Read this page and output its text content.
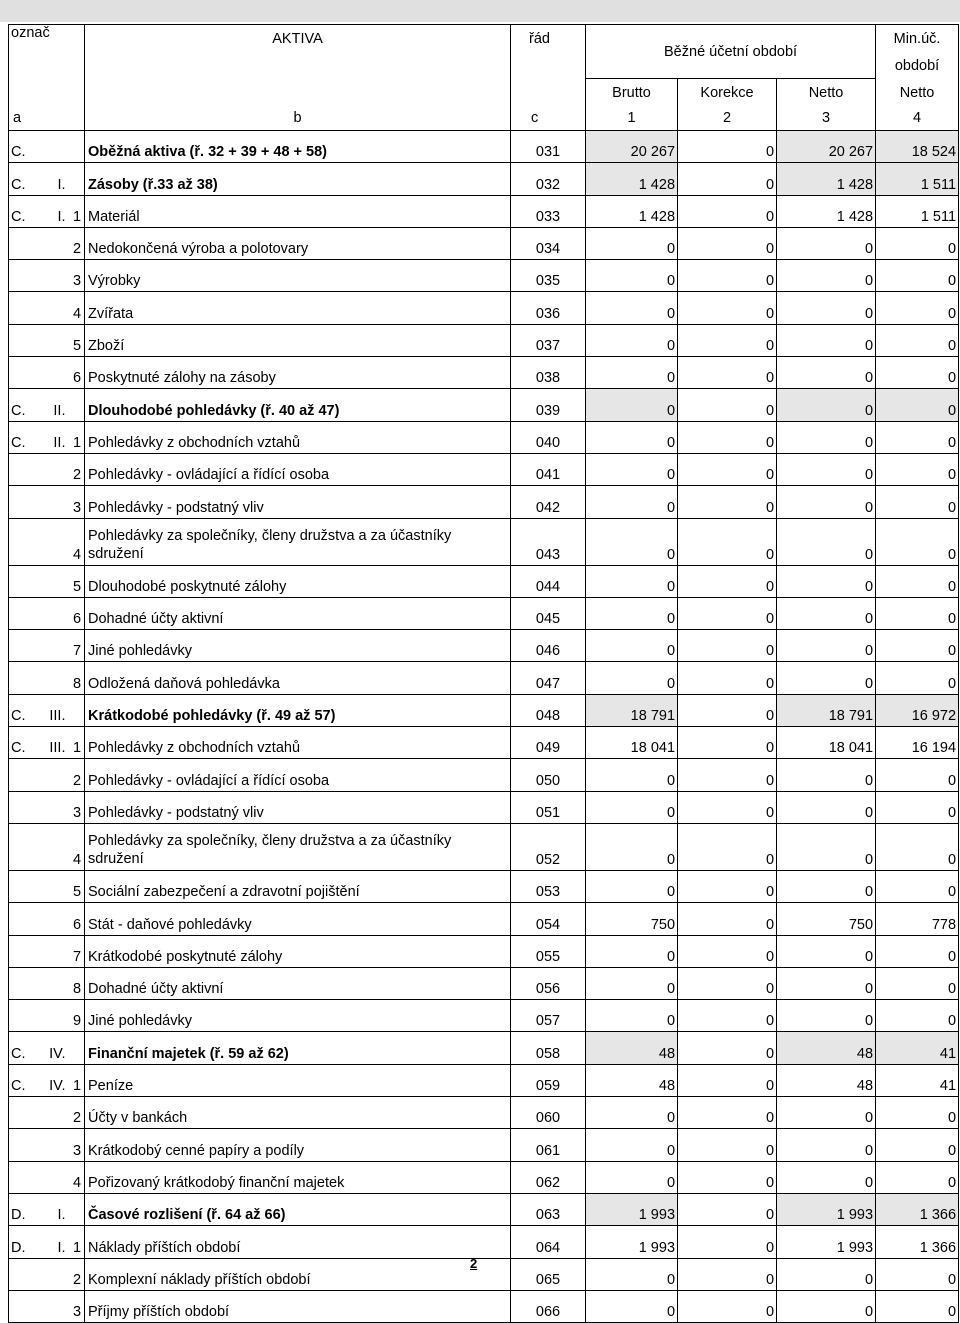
označ			AKTIVA	řád	Běžné účetní období			Min.úč.
								období
					Brutto	Korekce	Netto	Netto
a			b	c	1	2	3	4
C.			Oběžná aktiva (ř. 32 + 39 + 48 + 58)	031	20 267	0	20 267	18 524
C.	I.		Zásoby (ř.33 až 38)	032	1 428	0	1 428	1 511
C.	I.	1	Materiál	033	1 428	0	1 428	1 511
		2	Nedokončená výroba a polotovary	034	0	0	0	0
		3	Výrobky	035	0	0	0	0
		4	Zvířata	036	0	0	0	0
		5	Zboží	037	0	0	0	0
		6	Poskytnuté zálohy na zásoby	038	0	0	0	0
C.	II.		Dlouhodobé pohledávky (ř. 40 až 47)	039	0	0	0	0
C.	II.	1	Pohledávky z obchodních vztahů	040	0	0	0	0
		2	Pohledávky - ovládající a řídící osoba	041	0	0	0	0
		3	Pohledávky - podstatný vliv	042	0	0	0	0
		4	Pohledávky za společníky, členy družstva a za účastníky sdružení	043	0	0	0	0
		5	Dlouhodobé poskytnuté zálohy	044	0	0	0	0
		6	Dohadné účty aktivní	045	0	0	0	0
		7	Jiné pohledávky	046	0	0	0	0
		8	Odložená daňová pohledávka	047	0	0	0	0
C.	III.		Krátkodobé pohledávky (ř. 49 až 57)	048	18 791	0	18 791	16 972
C.	III.	1	Pohledávky z obchodních vztahů	049	18 041	0	18 041	16 194
		2	Pohledávky - ovládající a řídící osoba	050	0	0	0	0
		3	Pohledávky - podstatný vliv	051	0	0	0	0
		4	Pohledávky za společníky, členy družstva a za účastníky sdružení	052	0	0	0	0
		5	Sociální zabezpečení a zdravotní pojištění	053	0	0	0	0
		6	Stát - daňové pohledávky	054	750	0	750	778
		7	Krátkodobé poskytnuté zálohy	055	0	0	0	0
		8	Dohadné účty aktivní	056	0	0	0	0
		9	Jiné pohledávky	057	0	0	0	0
C.	IV.		Finanční majetek (ř. 59 až 62)	058	48	0	48	41
C.	IV.	1	Peníze	059	48	0	48	41
		2	Účty v bankách	060	0	0	0	0
		3	Krátkodobý cenné papíry a podíly	061	0	0	0	0
		4	Pořizovaný krátkodobý finanční majetek	062	0	0	0	0
D.	I.		Časové rozlišení (ř. 64 až 66)	063	1 993	0	1 993	1 366
D.	I.	1	Náklady příštích období	064	1 993	0	1 993	1 366
		2	Komplexní náklady příštích období	065	0	0	0	0
		3	Příjmy příštích období	066	0	0	0	0
2
